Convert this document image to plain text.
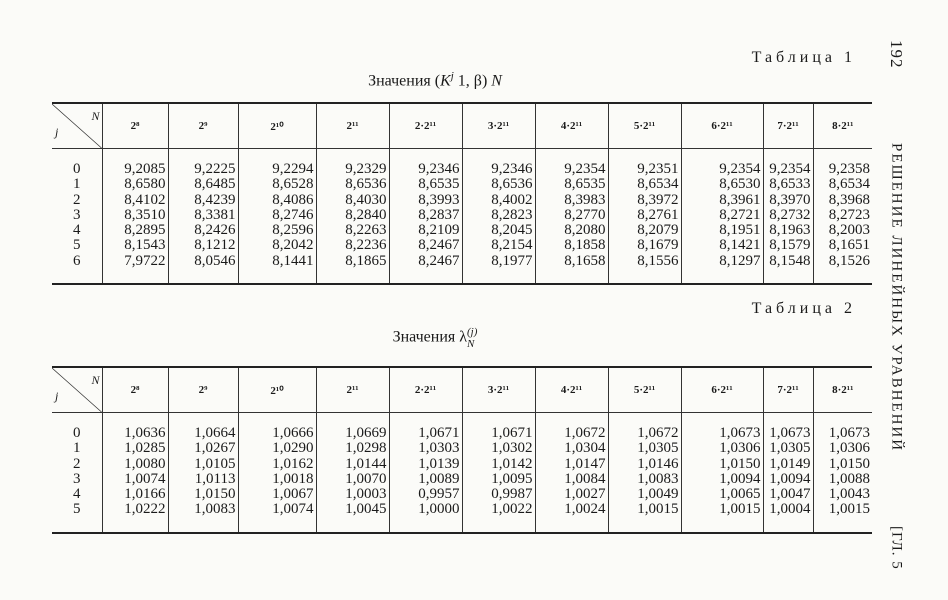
192
РЕШЕНИЕ ЛИНЕЙНЫХ УРАВНЕНИЙ
[ГЛ. 5
Таблица 1
Значения ($K^j$ 1, β) N
j
N	2⁸	2⁹	2¹⁰	2¹¹	2·2¹¹	3·2¹¹	4·2¹¹	5·2¹¹	6·2¹¹	7·2¹¹	8·2¹¹
0	9,2085	9,2225	9,2294	9,2329	9,2346	9,2346	9,2354	9,2351	9,2354	9,2354	9,2358
1	8,6580	8,6485	8,6528	8,6536	8,6535	8,6536	8,6535	8,6534	8,6530	8,6533	8,6534
2	8,4102	8,4239	8,4086	8,4030	8,3993	8,4002	8,3983	8,3972	8,3961	8,3970	8,3968
3	8,3510	8,3381	8,2746	8,2840	8,2837	8,2823	8,2770	8,2761	8,2721	8,2732	8,2723
4	8,2895	8,2426	8,2596	8,2263	8,2109	8,2045	8,2080	8,2079	8,1951	8,1963	8,2003
5	8,1543	8,1212	8,2042	8,2236	8,2467	8,2154	8,1858	8,1679	8,1421	8,1579	8,1651
6	7,9722	8,0546	8,1441	8,1865	8,2467	8,1977	8,1658	8,1556	8,1297	8,1548	8,1526
Таблица 2
Значения λ (j)
N
j
N	2⁸	2⁹	2¹⁰	2¹¹	2·2¹¹	3·2¹¹	4·2¹¹	5·2¹¹	6·2¹¹	7·2¹¹	8·2¹¹
0	1,0636	1,0664	1,0666	1,0669	1,0671	1,0671	1,0672	1,0672	1,0673	1,0673	1,0673
1	1,0285	1,0267	1,0290	1,0298	1,0303	1,0302	1,0304	1,0305	1,0306	1,0305	1,0306
2	1,0080	1,0105	1,0162	1,0144	1,0139	1,0142	1,0147	1,0146	1,0150	1,0149	1,0150
3	1,0074	1,0113	1,0018	1,0070	1,0089	1,0095	1,0084	1,0083	1,0094	1,0094	1,0088
4	1,0166	1,0150	1,0067	1,0003	0,9957	0,9987	1,0027	1,0049	1,0065	1,0047	1,0043
5	1,0222	1,0083	1,0074	1,0045	1,0000	1,0022	1,0024	1,0015	1,0015	1,0004	1,0015
